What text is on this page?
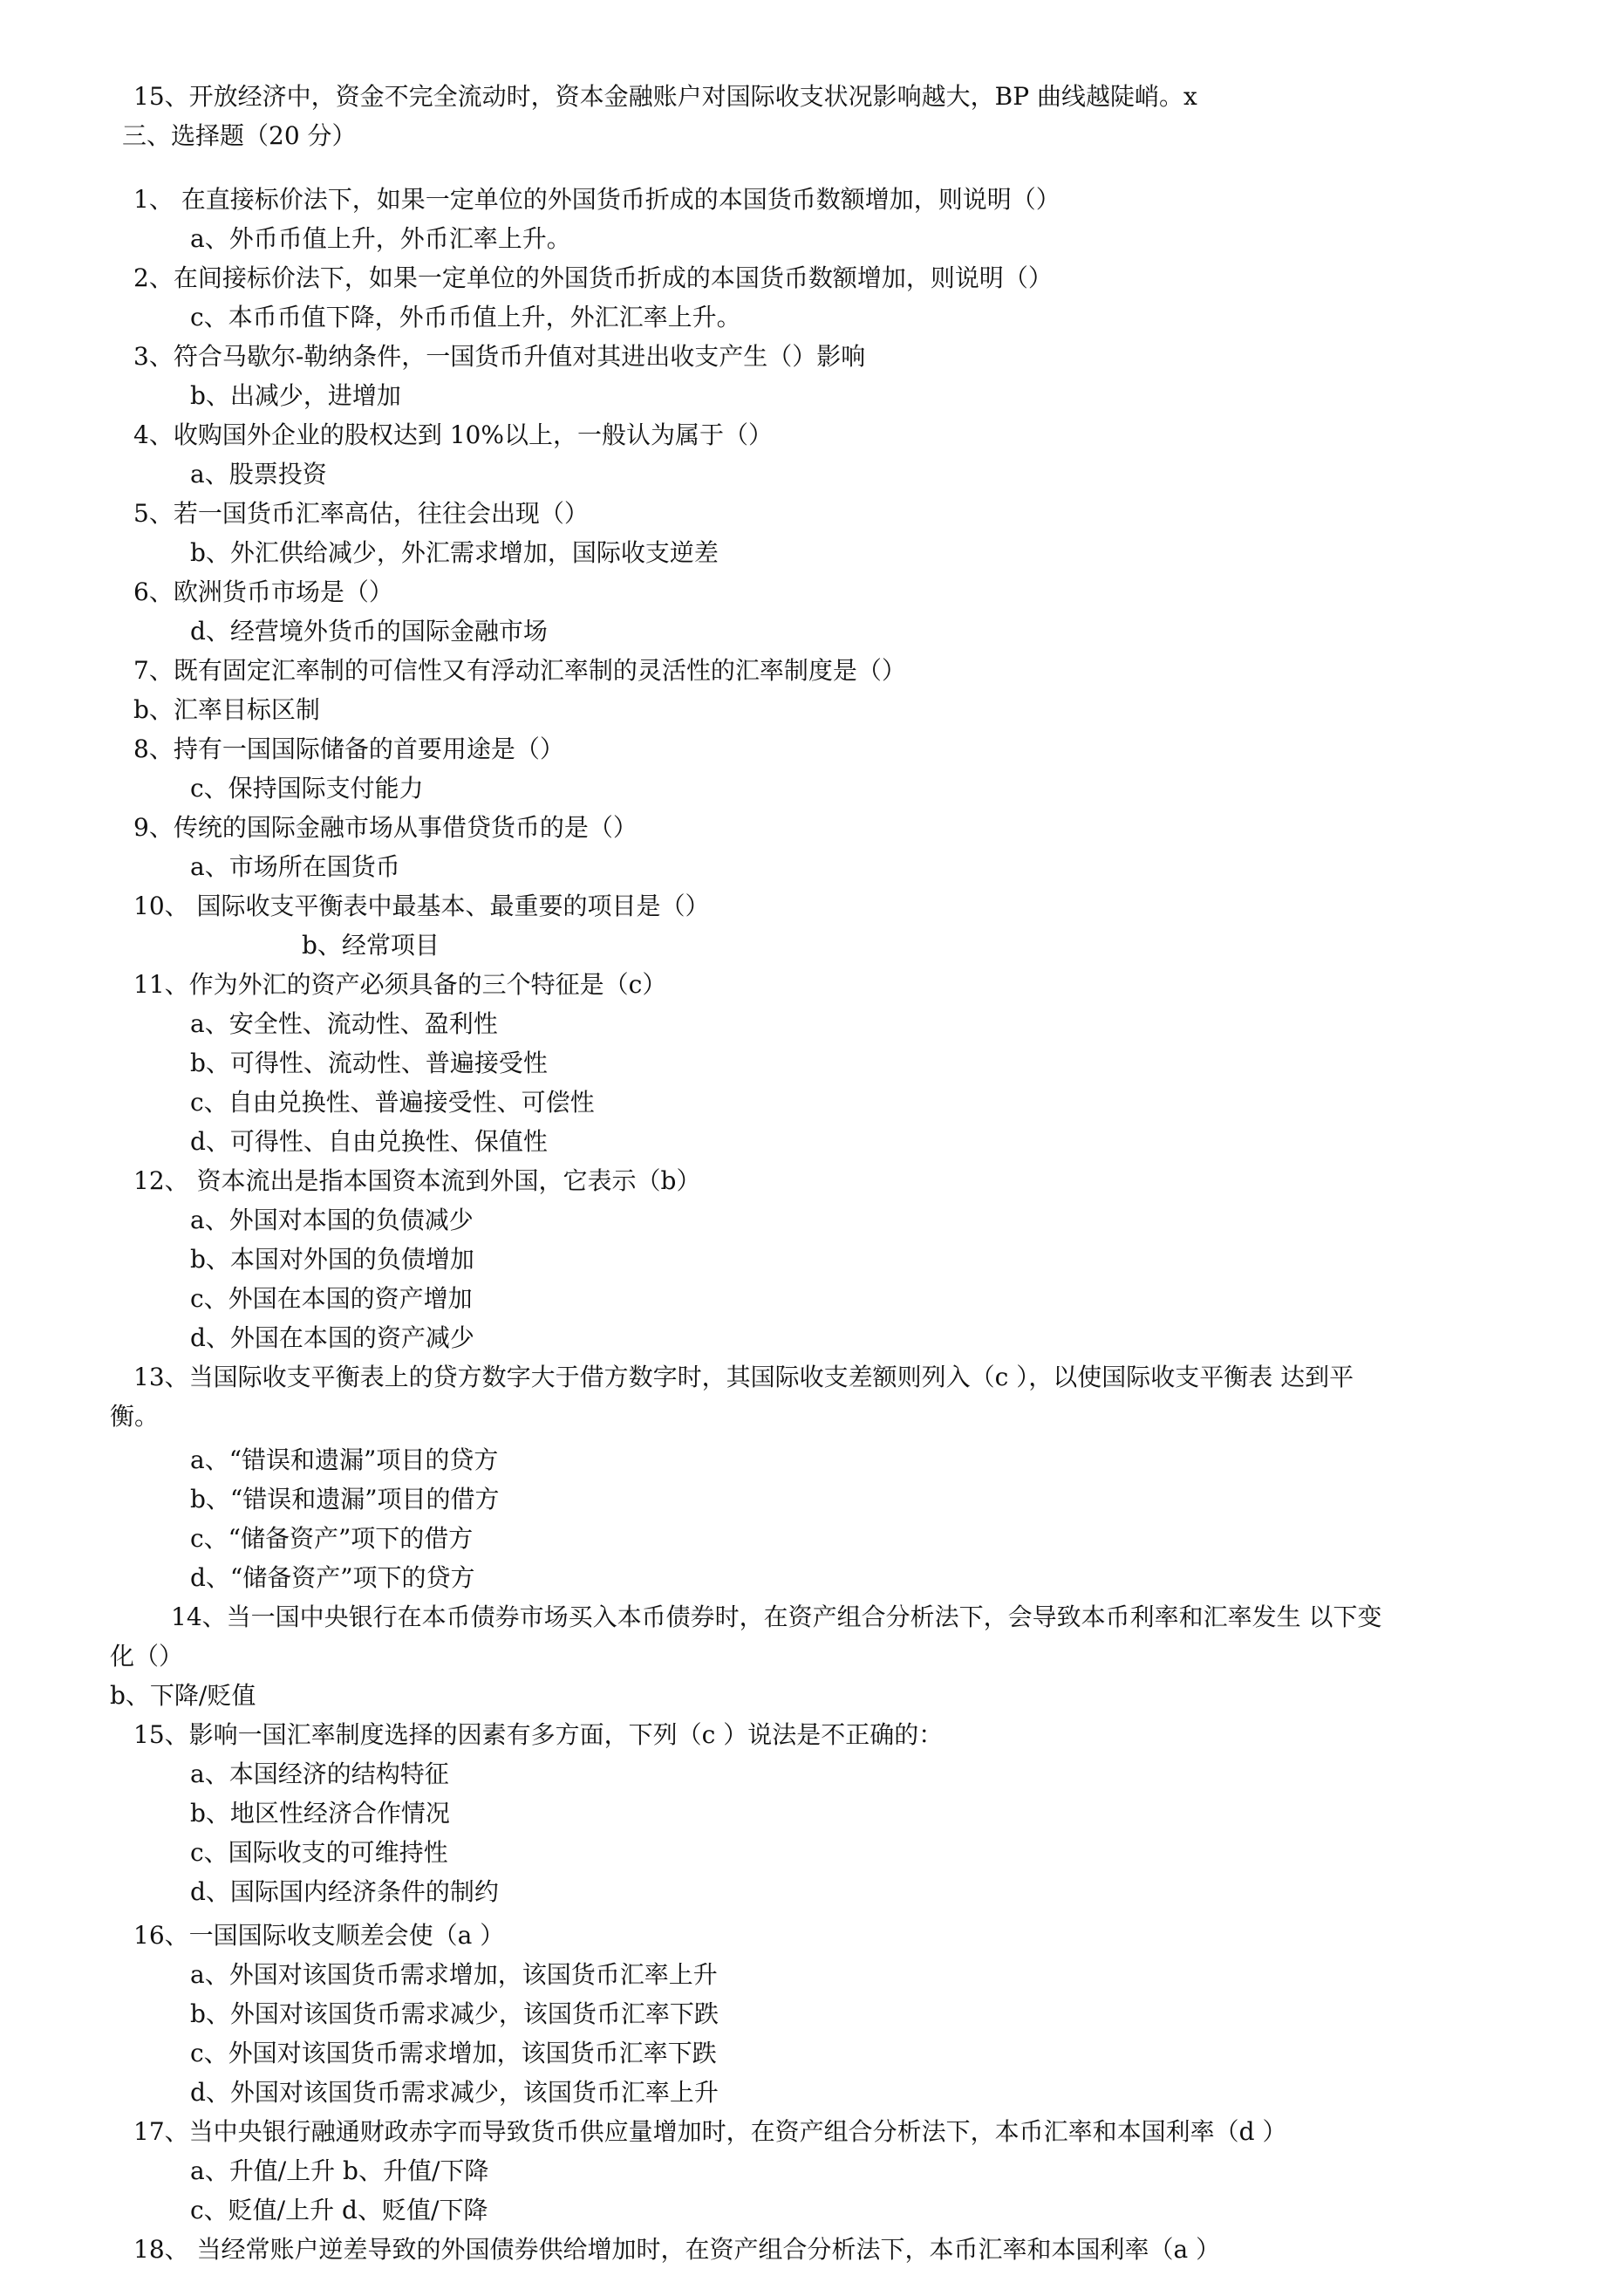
15、开放经济中，资金不完全流动时，资本金融账户对国际收支状况影响越大，BP 曲线越陡峭。x
三、选择题（20 分）
1、 在直接标价法下，如果一定单位的外国货币折成的本国货币数额增加，则说明（）
a、外币币值上升，外币汇率上升。
2、在间接标价法下，如果一定单位的外国货币折成的本国货币数额增加，则说明（）
c、本币币值下降，外币币值上升，外汇汇率上升。
3、符合马歇尔-勒纳条件，一国货币升值对其进出收支产生（）影响
b、出减少，进增加
4、收购国外企业的股权达到 10%以上，一般认为属于（）
a、股票投资
5、若一国货币汇率高估，往往会出现（）
b、外汇供给减少，外汇需求增加，国际收支逆差
6、欧洲货币市场是（）
d、经营境外货币的国际金融市场
7、既有固定汇率制的可信性又有浮动汇率制的灵活性的汇率制度是（）
b、汇率目标区制
8、持有一国国际储备的首要用途是（）
c、保持国际支付能力
9、传统的国际金融市场从事借贷货币的是（）
a、市场所在国货币
10、 国际收支平衡表中最基本、最重要的项目是（）
b、经常项目
11、作为外汇的资产必须具备的三个特征是（c）
a、安全性、流动性、盈利性
b、可得性、流动性、普遍接受性
c、自由兑换性、普遍接受性、可偿性
d、可得性、自由兑换性、保值性
12、 资本流出是指本国资本流到外国，它表示（b）
a、外国对本国的负债减少
b、本国对外国的负债增加
c、外国在本国的资产增加
d、外国在本国的资产减少
13、当国际收支平衡表上的贷方数字大于借方数字时，其国际收支差额则列入（c ），以使国际收支平衡表 达到平
衡。
a、“错误和遗漏”项目的贷方
b、“错误和遗漏”项目的借方
c、“储备资产”项下的借方
d、“储备资产”项下的贷方
14、当一国中央银行在本币债券市场买入本币债券时，在资产组合分析法下，会导致本币利率和汇率发生 以下变
化（）
b、下降/贬值
15、影响一国汇率制度选择的因素有多方面，下列（c ）说法是不正确的：
a、本国经济的结构特征
b、地区性经济合作情况
c、国际收支的可维持性
d、国际国内经济条件的制约
16、一国国际收支顺差会使（a ）
a、外国对该国货币需求增加，该国货币汇率上升
b、外国对该国货币需求减少，该国货币汇率下跌
c、外国对该国货币需求增加，该国货币汇率下跌
d、外国对该国货币需求减少，该国货币汇率上升
17、当中央银行融通财政赤字而导致货币供应量增加时，在资产组合分析法下，本币汇率和本国利率（d ）
a、升值/上升 b、升值/下降
c、贬值/上升 d、贬值/下降
18、 当经常账户逆差导致的外国债券供给增加时，在资产组合分析法下，本币汇率和本国利率（a ）
